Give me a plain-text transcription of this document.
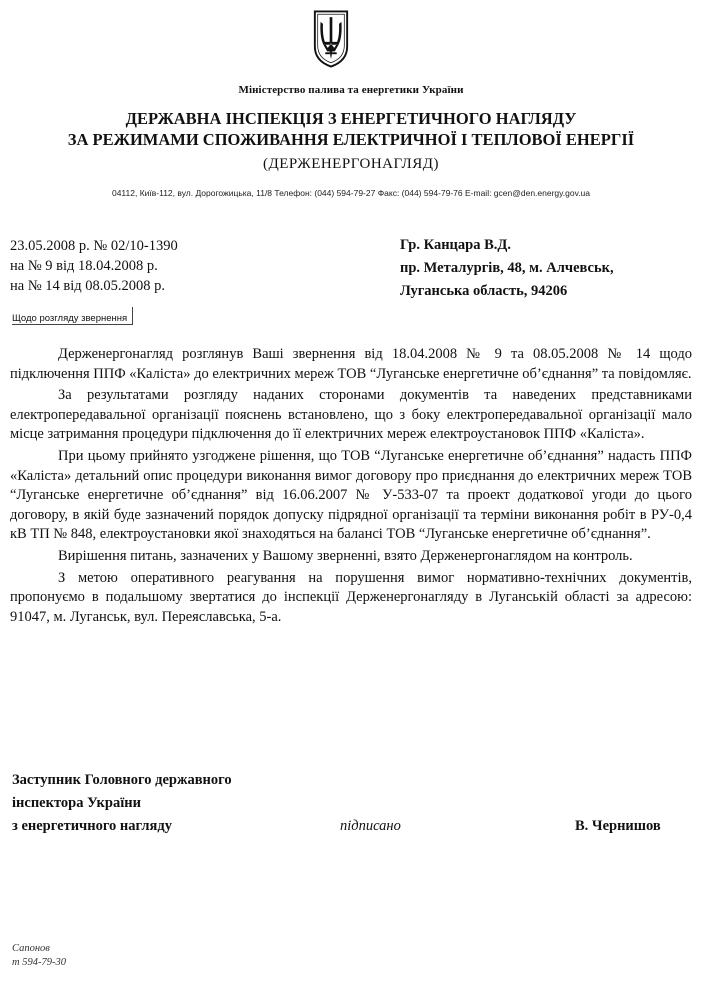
Міністерство палива та енергетики України
ДЕРЖАВНА ІНСПЕКЦІЯ З ЕНЕРГЕТИЧНОГО НАГЛЯДУ
ЗА РЕЖИМАМИ СПОЖИВАННЯ ЕЛЕКТРИЧНОЇ І ТЕПЛОВОЇ ЕНЕРГІЇ
(ДЕРЖЕНЕРГОНАГЛЯД)
04112, Київ-112, вул. Дорогожицька, 11/8 Телефон: (044) 594-79-27 Факс: (044) 594-79-76 E-mail: gcen@den.energy.gov.ua
23.05.2008 р. № 02/10-1390
на № 9 від 18.04.2008 р.
на № 14 від 08.05.2008 р.
Гр. Канцара В.Д.
пр. Металургів, 48, м. Алчевськ,
Луганська область, 94206
Щодо розгляду звернення

Держенергонагляд розглянув Ваші звернення від 18.04.2008 № 9 та 08.05.2008 № 14 щодо підключення ППФ «Каліста» до електричних мереж ТОВ “Луганське енергетичне об’єднання” та повідомляє.

За результатами розгляду наданих сторонами документів та наведених представниками електропередавальної організації пояснень встановлено, що з боку електропередавальної організації мало місце затримання процедури підключення до її електричних мереж електроустановок ППФ «Каліста».

При цьому прийнято узгоджене рішення, що ТОВ “Луганське енергетичне об’єднання” надасть ППФ «Каліста» детальний опис процедури виконання вимог договору про приєднання до електричних мереж ТОВ “Луганське енергетичне об’єднання” від 16.06.2007 № У-533-07 та проект додаткової угоди до цього договору, в якій буде зазначений порядок допуску підрядної організації та терміни виконання робіт в РУ-0,4 кВ ТП № 848, електроустановки якої знаходяться на балансі ТОВ “Луганське енергетичне об’єднання”.

Вирішення питань, зазначених у Вашому зверненні, взято Держенергонаглядом на контроль.

З метою оперативного реагування на порушення вимог нормативно-технічних документів, пропонуємо в подальшому звертатися до інспекції Держенергонагляду в Луганській області за адресою: 91047, м. Луганськ, вул. Переяславська, 5-а.

Заступник Головного державного
інспектора України
з енергетичного нагляду	підписано	В. Чернишов
Сапонов
т 594-79-30
